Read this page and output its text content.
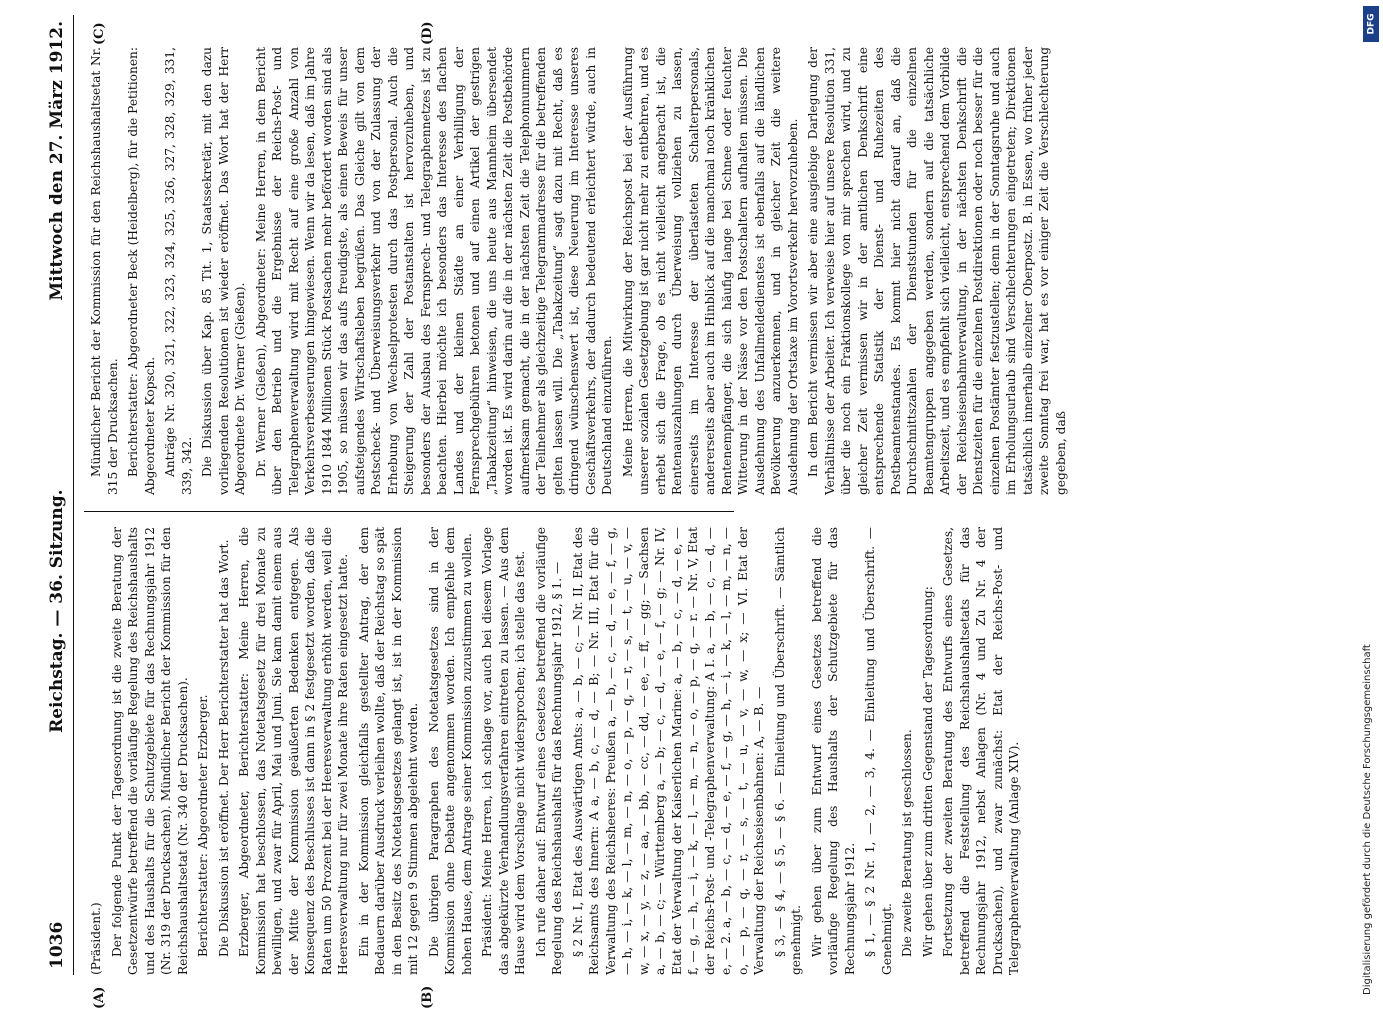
1036
Reichstag. — 36. Sitzung.
Mittwoch den 27. März 1912.

(Präsident.) Der folgende Punkt der Tagesordnung ist die zweite Beratung der Gesetzentwürfe betreffend die vorläufige Regelung des Reichshaushalts und des Haushalts für die Schutzgebiete für das Rechnungsjahr 1912 (Nr. 319 der Drucksachen). Mündlicher Bericht der Kommission für den Reichshaushaltsetat (Nr. 340 der Drucksachen). Berichterstatter: Abgeordneter Erzberger. Die Diskussion ist eröffnet. Der Herr Berichterstatter hat das Wort. Erzberger, Abgeordneter, Berichterstatter: Meine Herren, die Kommission hat beschlossen, das Notetatsgesetz für drei Monate zu bewilligen, und zwar für April, Mai und Juni. Sie kam damit einem aus der Mitte der Kommission geäußerten Bedenken entgegen. Als Konsequenz des Beschlusses ist dann in § 2 festgesetzt worden, daß die Raten um 50 Prozent bei der Heeresverwaltung erhöht werden, weil die Heeresverwaltung nur für zwei Monate ihre Raten eingesetzt hatte. Ein in der Kommission gleichfalls gestellter Antrag, der dem Bedauern darüber Ausdruck verleihen wollte, daß der Reichstag so spät in den Besitz des Notetatsgesetzes gelangt ist, ist in der Kommission mit 12 gegen 9 Stimmen abgelehnt worden. Die übrigen Paragraphen des Notetatsgesetzes sind in der Kommission ohne Debatte angenommen worden. Ich empfehle dem hohen Hause, dem Antrage seiner Kommission zuzustimmen zu wollen. Präsident: Meine Herren, ich schlage vor, auch bei diesem Vorlage das abgekürzte Verhandlungsverfahren eintreten zu lassen. — Aus dem Hause wird dem Vorschlage nicht widersprochen; ich stelle das fest. Ich rufe daher auf: Entwurf eines Gesetzes betreffend die vorläufige Regelung des Reichshaushalts für das Rechnungsjahr 1912, § 1. — § 2 Nr. I, Etat des Auswärtigen Amts: a, — b, — c; — Nr. II, Etat des Reichsamts des Innern: A a, — b, c, — d, — B; — Nr. III, Etat für die Verwaltung des Reichsheeres: Preußen a, — b, — c, — d, — e, — f, — g, — h, — i, — k, — l, — m, — n, — o, — p, — q, — r, — s, — t, — u, — v, — w, — x, — y, — z, — aa, — bb, — cc, — dd, — ee, — ff, — gg; — Sachsen a, — b, — c; — Württemberg a, — b; — c, — d, — e, — f, — g; — Nr. IV, Etat der Verwaltung der Kaiserlichen Marine: a, — b, — c, — d, — e, — f, — g, — h, — i, — k, — l, — m, — n, — o, — p, — q, — r. — Nr. V, Etat der Reichs-Post- und -Telegraphenverwaltung: A I. a, — b, — c, — d, — e, — 2. a, — b, — c, — d, — e, — f, — g, — h, — i, — k, — l, — m, — n, — o, — p, — q, — r, — s, — t, — u, — v, — w, — x; — VI. Etat der Verwaltung der Reichseisenbahnen: A, — B. — § 3, — § 4, — § 5, — § 6. — Einleitung und Überschrift. — Sämtlich genehmigt. Wir gehen über zum Entwurf eines Gesetzes betreffend die vorläufige Regelung des Haushalts der Schutzgebiete für das Rechnungsjahr 1912. § 1, — § 2 Nr. 1, — 2, — 3, 4. — Einleitung und Überschrift. — Genehmigt. Die zweite Beratung ist geschlossen. Wir gehen über zum dritten Gegenstand der Tagesordnung: Fortsetzung der zweiten Beratung des Entwurfs eines Gesetzes, betreffend die Feststellung des Reichshaushaltsetats für das Rechnungsjahr 1912, nebst Anlagen (Nr. 4 und Zu Nr. 4 der Drucksachen), und zwar zunächst: Etat der Reichs-Post- und Telegraphenverwaltung (Anlage XIV).

Mündlicher Bericht der Kommission für den Reichshaushaltsetat Nr. 315 der Drucksachen. Berichterstatter: Abgeordneter Beck (Heidelberg), für die Petitionen: Abgeordneter Kopsch. Anträge Nr. 320, 321, 322, 323, 324, 325, 326, 327, 328, 329, 331, 339, 342. Die Diskussion über Kap. 85 Tit. 1, Staatssekretär, mit den dazu vorliegenden Resolutionen ist wieder eröffnet. Das Wort hat der Herr Abgeordnete Dr. Werner (Gießen). Dr. Werner (Gießen), Abgeordneter: Meine Herren, in dem Bericht über den Betrieb und die Ergebnisse der Reichs-Post- und Telegraphenverwaltung wird mit Recht auf eine große Anzahl von Verkehrsverbesserungen hingewiesen. Wenn wir da lesen, daß im Jahre 1910 1844 Millionen Stück Postsachen mehr befördert worden sind als 1905, so müssen wir das aufs freudigste, als einen Beweis für unser aufsteigendes Wirtschaftsleben begrüßen. Das Gleiche gilt von dem Postscheck- und Überweisungsverkehr und von der Zulassung der Erhebung von Wechselprotesten durch das Postpersonal. Auch die Steigerung der Zahl der Postanstalten ist hervorzuheben, und besonders der Ausbau des Fernsprech- und Telegraphennetzes ist zu beachten. Hierbei möchte ich besonders das Interesse des flachen Landes und der kleinen Städte an einer Verbilligung der Fernsprechgebühren betonen und auf einen Artikel der gestrigen „Tabakzeitung“ hinweisen, die uns heute aus Mannheim übersendet worden ist. Es wird darin auf die in der nächsten Zeit die Postbehörde aufmerksam gemacht, die in der nächsten Zeit die Telephonnummern der Teilnehmer als gleichzeitige Telegrammadresse für die betreffenden gelten lassen will. Die „Tabakzeitung“ sagt dazu mit Recht, daß es dringend wünschenswert ist, diese Neuerung im Interesse unseres Geschäftsverkehrs, der dadurch bedeutend erleichtert würde, auch in Deutschland einzuführen. Meine Herren, die Mitwirkung der Reichspost bei der Ausführung unserer sozialen Gesetzgebung ist gar nicht mehr zu entbehren, und es erhebt sich die Frage, ob es nicht vielleicht angebracht ist, die Rentenauszahlungen durch Überweisung vollziehen zu lassen, einerseits im Interesse der überlasteten Schalterpersonals, andererseits aber auch im Hinblick auf die manchmal noch kränklichen Rentenempfänger, die sich häufig lange bei Schnee oder feuchter Witterung in der Nässe vor den Postschaltern aufhalten müssen. Die Ausdehnung des Unfallmeldedienstes ist ebenfalls auf die ländlichen Bevölkerung anzuerkennen, und in gleicher Zeit die weitere Ausdehnung der Ortstaxe im Vorortsverkehr hervorzuheben. In dem Bericht vermissen wir aber eine ausgiebige Darlegung der Verhältnisse der Arbeiter. Ich verweise hier auf unsere Resolution 331, über die noch ein Fraktionskollege von mir sprechen wird, und zu gleicher Zeit vermissen wir in der amtlichen Denkschrift eine entsprechende Statistik der Dienst- und Ruhezeiten des Postbeamtenstandes. Es kommt hier nicht darauf an, daß die Durchschnittszahlen der Dienststunden für die einzelnen Beamtengruppen angegeben werden, sondern auf die tatsächliche Arbeitszeit, und es empfiehlt sich vielleicht, entsprechend dem Vorbilde der Reichseisenbahnverwaltung, in der nächsten Denkschrift die Dienstzeiten für die einzelnen Postdirektionen oder noch besser für die einzelnen Postämter festzustellen; denn in der Sonntagsruhe und auch im Erholungsurlaub sind Verschlechterungen eingetreten; Direktionen tatsächlich innerhalb einzelner Oberpostz. B. in Essen, wo früher jeder zweite Sonntag frei war, hat es vor einiger Zeit die Verschlechterung gegeben, daß

(A)	(B)
(C)	(D)	DFG
Digitalisierung gefördert durch die Deutsche Forschungsgemeinschaft
